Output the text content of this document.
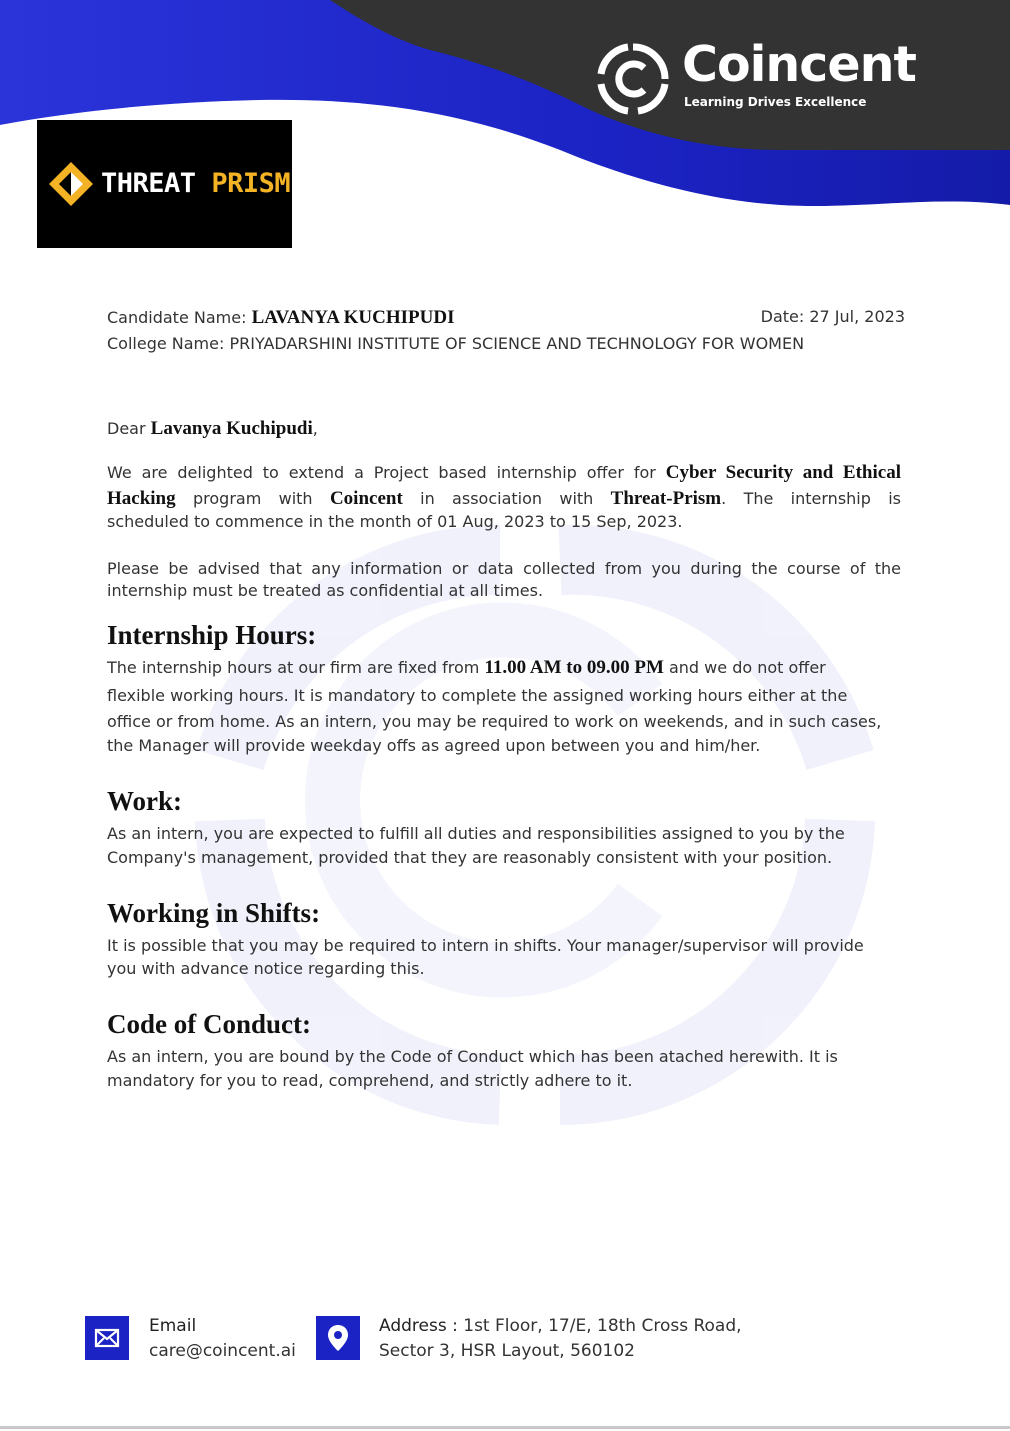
Coincent
Learning Drives Excellence
THREAT PRISM
Candidate Name: LAVANYA KUCHIPUDI	Date: 27 Jul, 2023
College Name: PRIYADARSHINI INSTITUTE OF SCIENCE AND TECHNOLOGY FOR WOMEN
Dear Lavanya Kuchipudi,
We are delighted to extend a Project based internship offer for Cyber Security and Ethical
Hacking program with Coincent in association with Threat-Prism. The internship is
scheduled to commence in the month of 01 Aug, 2023 to 15 Sep, 2023.
Please be advised that any information or data collected from you during the course of the
internship must be treated as confidential at all times.
Internship Hours:
The internship hours at our firm are fixed from 11.00 AM to 09.00 PM and we do not offer
flexible working hours. It is mandatory to complete the assigned working hours either at the
office or from home. As an intern, you may be required to work on weekends, and in such cases,
the Manager will provide weekday offs as agreed upon between you and him/her.
Work:
As an intern, you are expected to fulfill all duties and responsibilities assigned to you by the
Company's management, provided that they are reasonably consistent with your position.
Working in Shifts:
It is possible that you may be required to intern in shifts. Your manager/supervisor will provide
you with advance notice regarding this.
Code of Conduct:
As an intern, you are bound by the Code of Conduct which has been atached herewith. It is
mandatory for you to read, comprehend, and strictly adhere to it.
Email
care@coincent.ai
Address : 1st Floor, 17/E, 18th Cross Road,
Sector 3, HSR Layout, 560102
